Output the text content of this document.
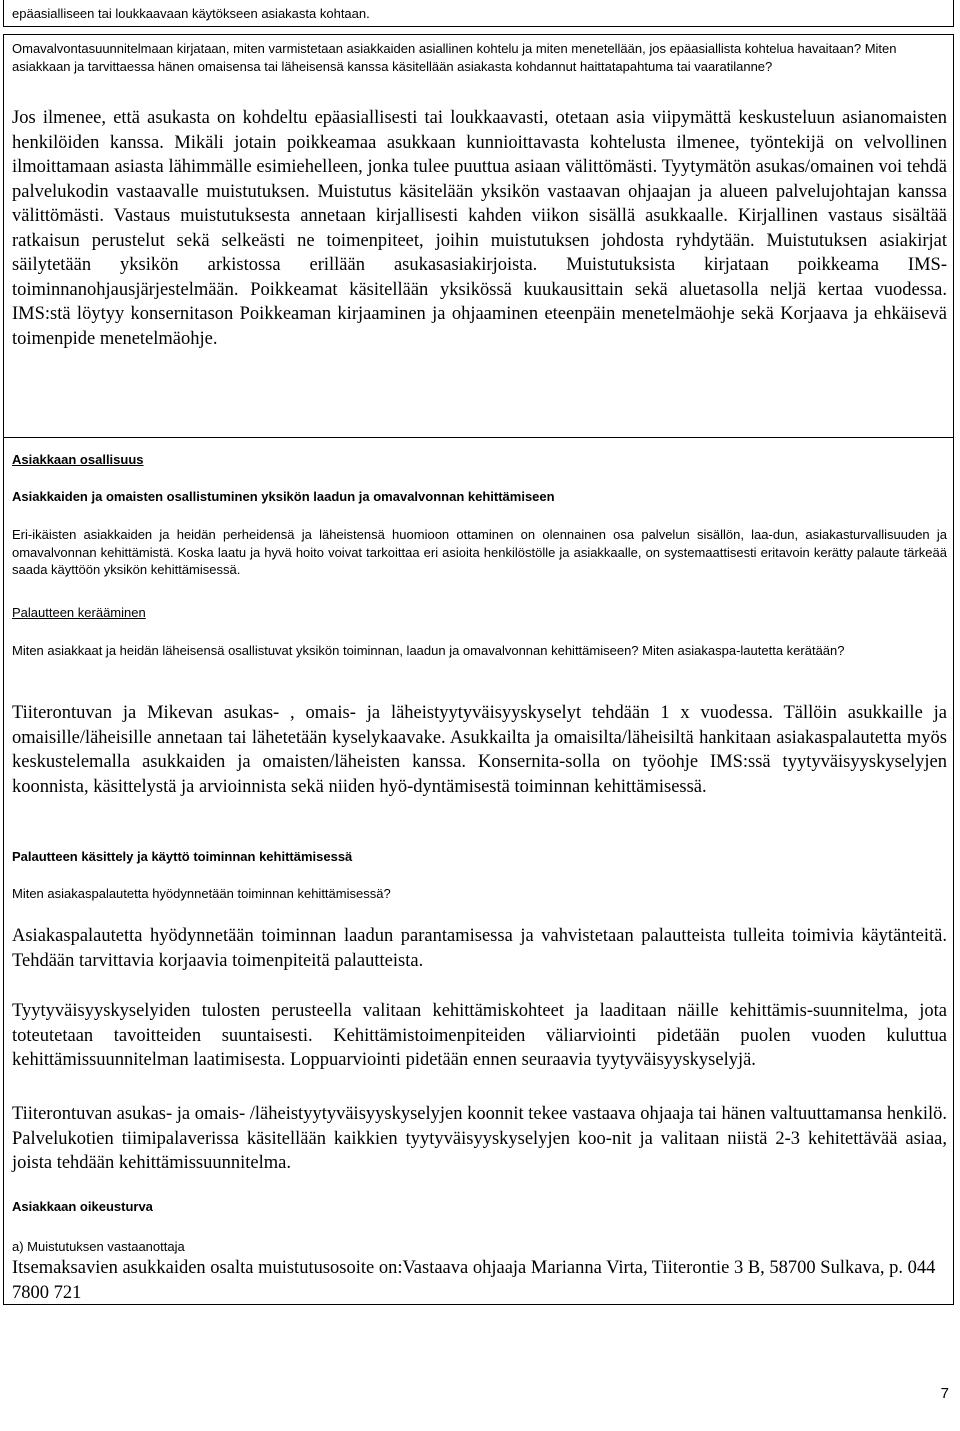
epäasialliseen tai loukkaavaan käytökseen asiakasta kohtaan.

Omavalvontasuunnitelmaan kirjataan, miten varmistetaan asiakkaiden asiallinen kohtelu ja miten menetellään, jos epäasiallista kohtelua havaitaan? Miten asiakkaan ja tarvittaessa hänen omaisensa tai läheisensä kanssa käsitellään asiakasta kohdannut haittatapahtuma tai vaaratilanne?

Jos ilmenee, että asukasta on kohdeltu epäasiallisesti tai loukkaavasti, otetaan asia viipymättä keskusteluun asianomaisten henkilöiden kanssa. Mikäli jotain poikkeamaa asukkaan kunnioittavasta kohtelusta ilmenee, työntekijä on velvollinen ilmoittamaan asiasta lähimmälle esimiehelleen, jonka tulee puuttua asiaan välittömästi. Tyytymätön asukas/omainen voi tehdä palvelukodin vastaavalle muistutuksen. Muistutus käsitelään yksikön vastaavan ohjaajan ja alueen palvelujohtajan kanssa välittömästi. Vastaus muistutuksesta annetaan kirjallisesti kahden viikon sisällä asukkaalle. Kirjallinen vastaus sisältää ratkaisun perustelut sekä selkeästi ne toimenpiteet, joihin muistutuksen johdosta ryhdytään. Muistutuksen asiakirjat säilytetään yksikön arkistossa erillään asukasasiakirjoista. Muistutuksista kirjataan poikkeama IMS-toiminnanohjausjärjestelmään. Poikkeamat käsitellään yksikössä kuukausittain sekä aluetasolla neljä kertaa vuodessa. IMS:stä löytyy konsernitason Poikkeaman kirjaaminen ja ohjaaminen eteenpäin menetelmäohje sekä Korjaava ja ehkäisevä toimenpide menetelmäohje.

Asiakkaan osallisuus

Asiakkaiden ja omaisten osallistuminen yksikön laadun ja omavalvonnan kehittämiseen

Eri-ikäisten asiakkaiden ja heidän perheidensä ja läheistensä huomioon ottaminen on olennainen osa palvelun sisällön, laa-dun, asiakasturvallisuuden ja omavalvonnan kehittämistä. Koska laatu ja hyvä hoito voivat tarkoittaa eri asioita henkilöstölle ja asiakkaalle, on systemaattisesti eritavoin kerätty palaute tärkeää saada käyttöön yksikön kehittämisessä.

Palautteen kerääminen

Miten asiakkaat ja heidän läheisensä osallistuvat yksikön toiminnan, laadun ja omavalvonnan kehittämiseen? Miten asiakaspa-lautetta kerätään?

Tiiterontuvan ja Mikevan asukas- , omais- ja läheistyytyväisyyskyselyt tehdään 1 x vuodessa. Tällöin asukkaille ja omaisille/läheisille annetaan tai lähetetään kyselykaavake. Asukkailta ja omaisilta/läheisiltä hankitaan asiakaspalautetta myös keskustelemalla asukkaiden ja omaisten/läheisten kanssa. Konsernita-solla on työohje IMS:ssä tyytyväisyyskyselyjen koonnista, käsittelystä ja arvioinnista sekä niiden hyö-dyntämisestä toiminnan kehittämisessä.

Palautteen käsittely ja käyttö toiminnan kehittämisessä

Miten asiakaspalautetta hyödynnetään toiminnan kehittämisessä?

Asiakaspalautetta hyödynnetään toiminnan laadun parantamisessa ja vahvistetaan palautteista tulleita toimivia käytänteitä. Tehdään tarvittavia korjaavia toimenpiteitä palautteista.

Tyytyväisyyskyselyiden tulosten perusteella valitaan kehittämiskohteet ja laaditaan näille kehittämis-suunnitelma, jota toteutetaan tavoitteiden suuntaisesti. Kehittämistoimenpiteiden väliarviointi pidetään puolen vuoden kuluttua kehittämissuunnitelman laatimisesta. Loppuarviointi pidetään ennen seuraavia tyytyväisyyskyselyjä.

Tiiterontuvan asukas- ja omais- /läheistyytyväisyyskyselyjen koonnit tekee vastaava ohjaaja tai hänen valtuuttamansa henkilö. Palvelukotien tiimipalaverissa käsitellään kaikkien tyytyväisyyskyselyjen koo-nit ja valitaan niistä 2-3 kehitettävää asiaa, joista tehdään kehittämissuunnitelma.

Asiakkaan oikeusturva

a) Muistutuksen vastaanottaja

Itsemaksavien asukkaiden osalta muistutusosoite on:Vastaava ohjaaja Marianna Virta, Tiiterontie 3 B, 58700 Sulkava, p. 044 7800 721

7
